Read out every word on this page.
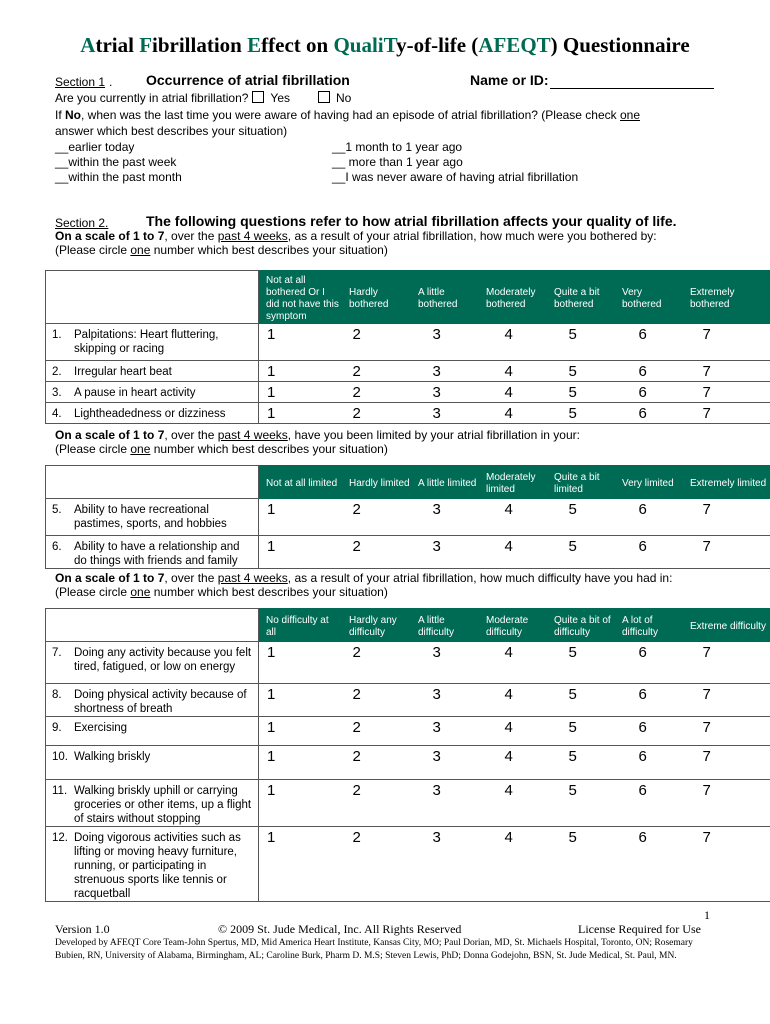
Atrial Fibrillation Effect on QualiTy-of-life (AFEQT) Questionnaire
Section 1 . Occurrence of atrial fibrillation	Name or ID:
Are you currently in atrial fibrillation? Yes	No
If No, when was the last time you were aware of having had an episode of atrial fibrillation? (Please check one
answer which best describes your situation)
__earlier today
__within the past week
__within the past month
__1 month to 1 year ago
__ more than 1 year ago
__I was never aware of having atrial fibrillation
Section 2.	The following questions refer to how atrial fibrillation affects your quality of life.
On a scale of 1 to 7, over the past 4 weeks, as a result of your atrial fibrillation, how much were you bothered by:
(Please circle one number which best describes your situation)
On a scale of 1 to 7, over the past 4 weeks, have you been limited by your atrial fibrillation in your:
(Please circle one number which best describes your situation)
On a scale of 1 to 7, over the past 4 weeks, as a result of your atrial fibrillation, how much difficulty have you had in:
(Please circle one number which best describes your situation)
	Not at all bothered Or I did not have this symptom	Hardly bothered	A little bothered	Moderately bothered	Quite a bit bothered	Very bothered	Extremely bothered
1. Palpitations: Heart fluttering, skipping or racing	1	2	3	4	5	6	7
2. Irregular heart beat	1	2	3	4	5	6	7
3. A pause in heart activity	1	2	3	4	5	6	7
4. Lightheadedness or dizziness	1	2	3	4	5	6	7
	Not at all limited	Hardly limited	A little limited	Moderately limited	Quite a bit limited	Very limited	Extremely limited
5. Ability to have recreational pastimes, sports, and hobbies	1	2	3	4	5	6	7
6. Ability to have a relationship and do things with friends and family	1	2	3	4	5	6	7
	No difficulty at all	Hardly any difficulty	A little difficulty	Moderate difficulty	Quite a bit of difficulty	A lot of difficulty	Extreme difficulty
7. Doing any activity because you felt tired, fatigued, or low on energy	1	2	3	4	5	6	7
8. Doing physical activity because of shortness of breath	1	2	3	4	5	6	7
9. Exercising	1	2	3	4	5	6	7
10. Walking briskly	1	2	3	4	5	6	7
11. Walking briskly uphill or carrying groceries or other items, up a flight of stairs without stopping	1	2	3	4	5	6	7
12. Doing vigorous activities such as lifting or moving heavy furniture, running, or participating in strenuous sports like tennis or racquetball	1	2	3	4	5	6	7
1
Version 1.0	© 2009 St. Jude Medical, Inc. All Rights Reserved	License Required for Use
Developed by AFEQT Core Team-John Spertus, MD, Mid America Heart Institute, Kansas City, MO; Paul Dorian, MD, St. Michaels Hospital, Toronto, ON; Rosemary Bubien, RN, University of Alabama, Birmingham, AL; Caroline Burk, Pharm D. M.S; Steven Lewis, PhD; Donna Godejohn, BSN, St. Jude Medical, St. Paul, MN.
